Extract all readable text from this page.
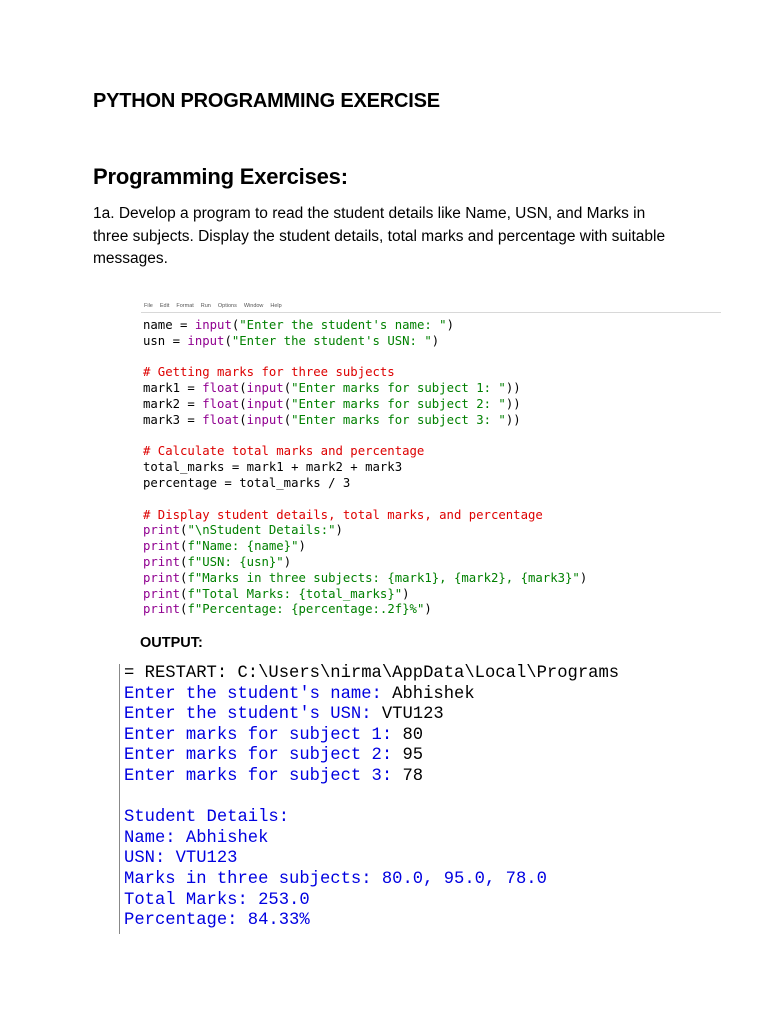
PYTHON PROGRAMMING EXERCISE
Programming Exercises:

1a. Develop a program to read the student details like Name, USN, and Marks in three subjects. Display the student details, total marks and percentage with suitable messages.

File Edit Format Run Options Window Help
name = input("Enter the student's name: ")
usn = input("Enter the student's USN: ")
# Getting marks for three subjects
mark1 = float(input("Enter marks for subject 1: "))
mark2 = float(input("Enter marks for subject 2: "))
mark3 = float(input("Enter marks for subject 3: "))
# Calculate total marks and percentage
total_marks = mark1 + mark2 + mark3
percentage = total_marks / 3
# Display student details, total marks, and percentage
print("\nStudent Details:")
print(f"Name: {name}")
print(f"USN: {usn}")
print(f"Marks in three subjects: {mark1}, {mark2}, {mark3}")
print(f"Total Marks: {total_marks}")
print(f"Percentage: {percentage:.2f}%")

OUTPUT:

= RESTART: C:\Users\nirma\AppData\Local\Programs
Enter the student's name: Abhishek
Enter the student's USN: VTU123
Enter marks for subject 1: 80
Enter marks for subject 2: 95
Enter marks for subject 3: 78
Student Details:
Name: Abhishek
USN: VTU123
Marks in three subjects: 80.0, 95.0, 78.0
Total Marks: 253.0
Percentage: 84.33%
